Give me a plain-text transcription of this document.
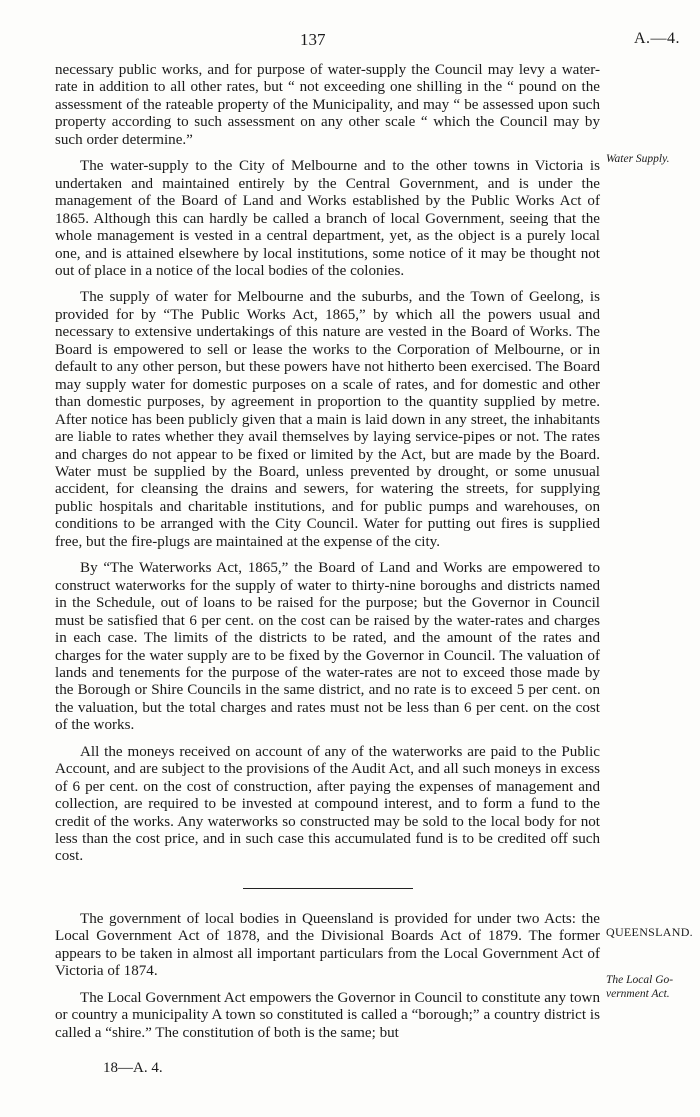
137	A.—4.

necessary public works, and for purpose of water-supply the Council may levy a water-rate in addition to all other rates, but “ not exceeding one shilling in the “ pound on the assessment of the rateable property of the Municipality, and may “ be assessed upon such property according to such assessment on any other scale “ which the Council may by such order determine.”

The water-supply to the City of Melbourne and to the other towns in Victoria is undertaken and maintained entirely by the Central Government, and is under the management of the Board of Land and Works established by the Public Works Act of 1865. Although this can hardly be called a branch of local Government, seeing that the whole management is vested in a central department, yet, as the object is a purely local one, and is attained elsewhere by local institutions, some notice of it may be thought not out of place in a notice of the local bodies of the colonies.

The supply of water for Melbourne and the suburbs, and the Town of Geelong, is provided for by “The Public Works Act, 1865,” by which all the powers usual and necessary to extensive undertakings of this nature are vested in the Board of Works. The Board is empowered to sell or lease the works to the Corporation of Melbourne, or in default to any other person, but these powers have not hitherto been exercised. The Board may supply water for domestic purposes on a scale of rates, and for domestic and other than domestic purposes, by agreement in proportion to the quantity supplied by metre. After notice has been publicly given that a main is laid down in any street, the inhabitants are liable to rates whether they avail themselves by laying service-pipes or not. The rates and charges do not appear to be fixed or limited by the Act, but are made by the Board. Water must be supplied by the Board, unless prevented by drought, or some unusual accident, for cleansing the drains and sewers, for watering the streets, for supplying public hospitals and charitable institutions, and for public pumps and warehouses, on conditions to be arranged with the City Council. Water for putting out fires is supplied free, but the fire-plugs are maintained at the expense of the city.

By “The Waterworks Act, 1865,” the Board of Land and Works are empowered to construct waterworks for the supply of water to thirty-nine boroughs and districts named in the Schedule, out of loans to be raised for the purpose; but the Governor in Council must be satisfied that 6 per cent. on the cost can be raised by the water-rates and charges in each case. The limits of the districts to be rated, and the amount of the rates and charges for the water supply are to be fixed by the Governor in Council. The valuation of lands and tenements for the purpose of the water-rates are not to exceed those made by the Borough or Shire Councils in the same district, and no rate is to exceed 5 per cent. on the valuation, but the total charges and rates must not be less than 6 per cent. on the cost of the works.

All the moneys received on account of any of the waterworks are paid to the Public Account, and are subject to the provisions of the Audit Act, and all such moneys in excess of 6 per cent. on the cost of construction, after paying the expenses of management and collection, are required to be invested at compound interest, and to form a fund to the credit of the works. Any waterworks so constructed may be sold to the local body for not less than the cost price, and in such case this accumulated fund is to be credited off such cost.

The government of local bodies in Queensland is provided for under two Acts: the Local Government Act of 1878, and the Divisional Boards Act of 1879. The former appears to be taken in almost all important particulars from the Local Government Act of Victoria of 1874.

The Local Government Act empowers the Governor in Council to constitute any town or country a municipality A town so constituted is called a “borough;” a country district is called a “shire.” The constitution of both is the same; but

Water Supply.
QUEENSLAND.
The Local Go-
vernment Act.
18—A. 4.
